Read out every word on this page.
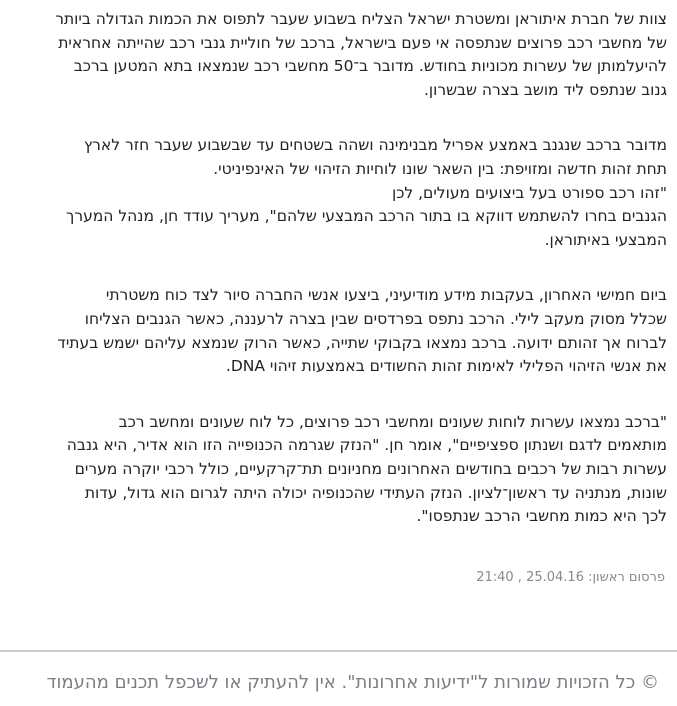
צוות של חברת איתוראן ומשטרת ישראל הצליח בשבוע שעבר לתפוס את הכמות הגדולה ביותר
של מחשבי רכב פרוצים שנתפסה אי פעם בישראל, ברכב של חוליית גנבי רכב שהייתה אחראית
להיעלמותן של עשרות מכוניות בחודש. מדובר ב־50 מחשבי רכב שנמצאו בתא המטען ברכב
גנוב שנתפס ליד מושב בצרה שבשרון.

מדובר ברכב שנגנב באמצע אפריל מבנימינה ושהה בשטחים עד שבשבוע שעבר חזר לארץ
תחת זהות חדשה ומזויפת: בין השאר שונו לוחיות הזיהוי של האינפיניטי.
"זהו רכב ספורט בעל ביצועים מעולים, לכן
הגנבים בחרו להשתמש דווקא בו בתור הרכב המבצעי שלהם", מעריך עודד חן, מנהל המערך
המבצעי באיתוראן.

ביום חמישי האחרון, בעקבות מידע מודיעיני, ביצעו אנשי החברה סיור לצד כוח משטרתי
שכלל מסוק מעקב לילי. הרכב נתפס בפרדסים שבין בצרה לרעננה, כאשר הגנבים הצליחו
לברוח אך זהותם ידועה. ברכב נמצאו בקבוקי שתייה, כאשר הרוק שנמצא עליהם ישמש בעתיד
את אנשי הזיהוי הפלילי לאימות זהות החשודים באמצעות זיהוי DNA.

"ברכב נמצאו עשרות לוחות שעונים ומחשבי רכב פרוצים, כל לוח שעונים ומחשב רכב
מותאמים לדגם ושנתון ספציפיים", אומר חן. "הנזק שגרמה הכנופייה הזו הוא אדיר, היא גנבה
עשרות רבות של רכבים בחודשים האחרונים מחניונים תת־קרקעיים, כולל רכבי יוקרה מערים
שונות, מנתניה עד ראשון־לציון. הנזק העתידי שהכנופיה יכולה היתה לגרום הוא גדול, עדות
לכך היא כמות מחשבי הרכב שנתפסו".

פרסום ראשון: 25.04.16 , 21:40
© כל הזכויות שמורות ל"ידיעות אחרונות". אין להעתיק או לשכפל תכנים מהעמוד
